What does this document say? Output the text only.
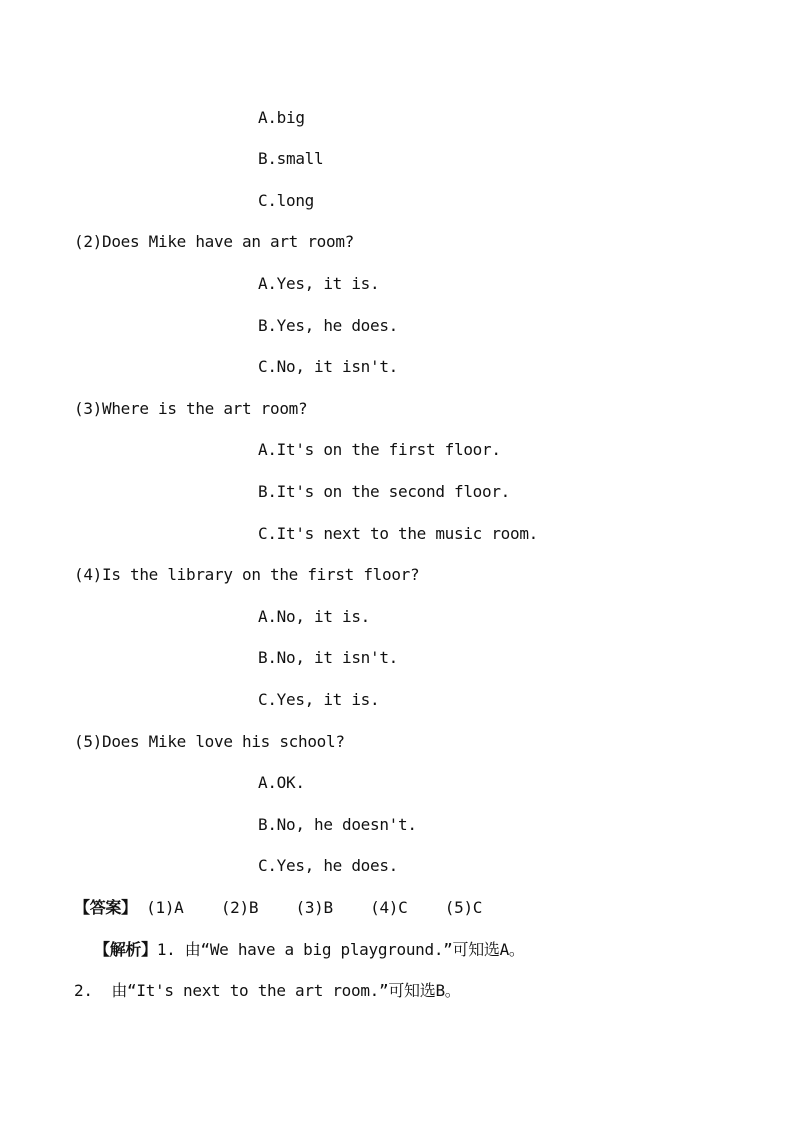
A.big
B.small
C.long
(2)Does Mike have an art room?
A.Yes, it is.
B.Yes, he does.
C.No, it isn't.
(3)Where is the art room?
A.It's on the first floor.
B.It's on the second floor.
C.It's next to the music room.
(4)Is the library on the first floor?
A.No, it is.
B.No, it isn't.
C.Yes, it is.
(5)Does Mike love his school?
A.OK.
B.No, he doesn't.
C.Yes, he does.
【答案】 (1)A    (2)B    (3)B    (4)C    (5)C
【解析】1. 由“We have a big playground.”可知选A。
2.  由“It's next to the art room.”可知选B。
